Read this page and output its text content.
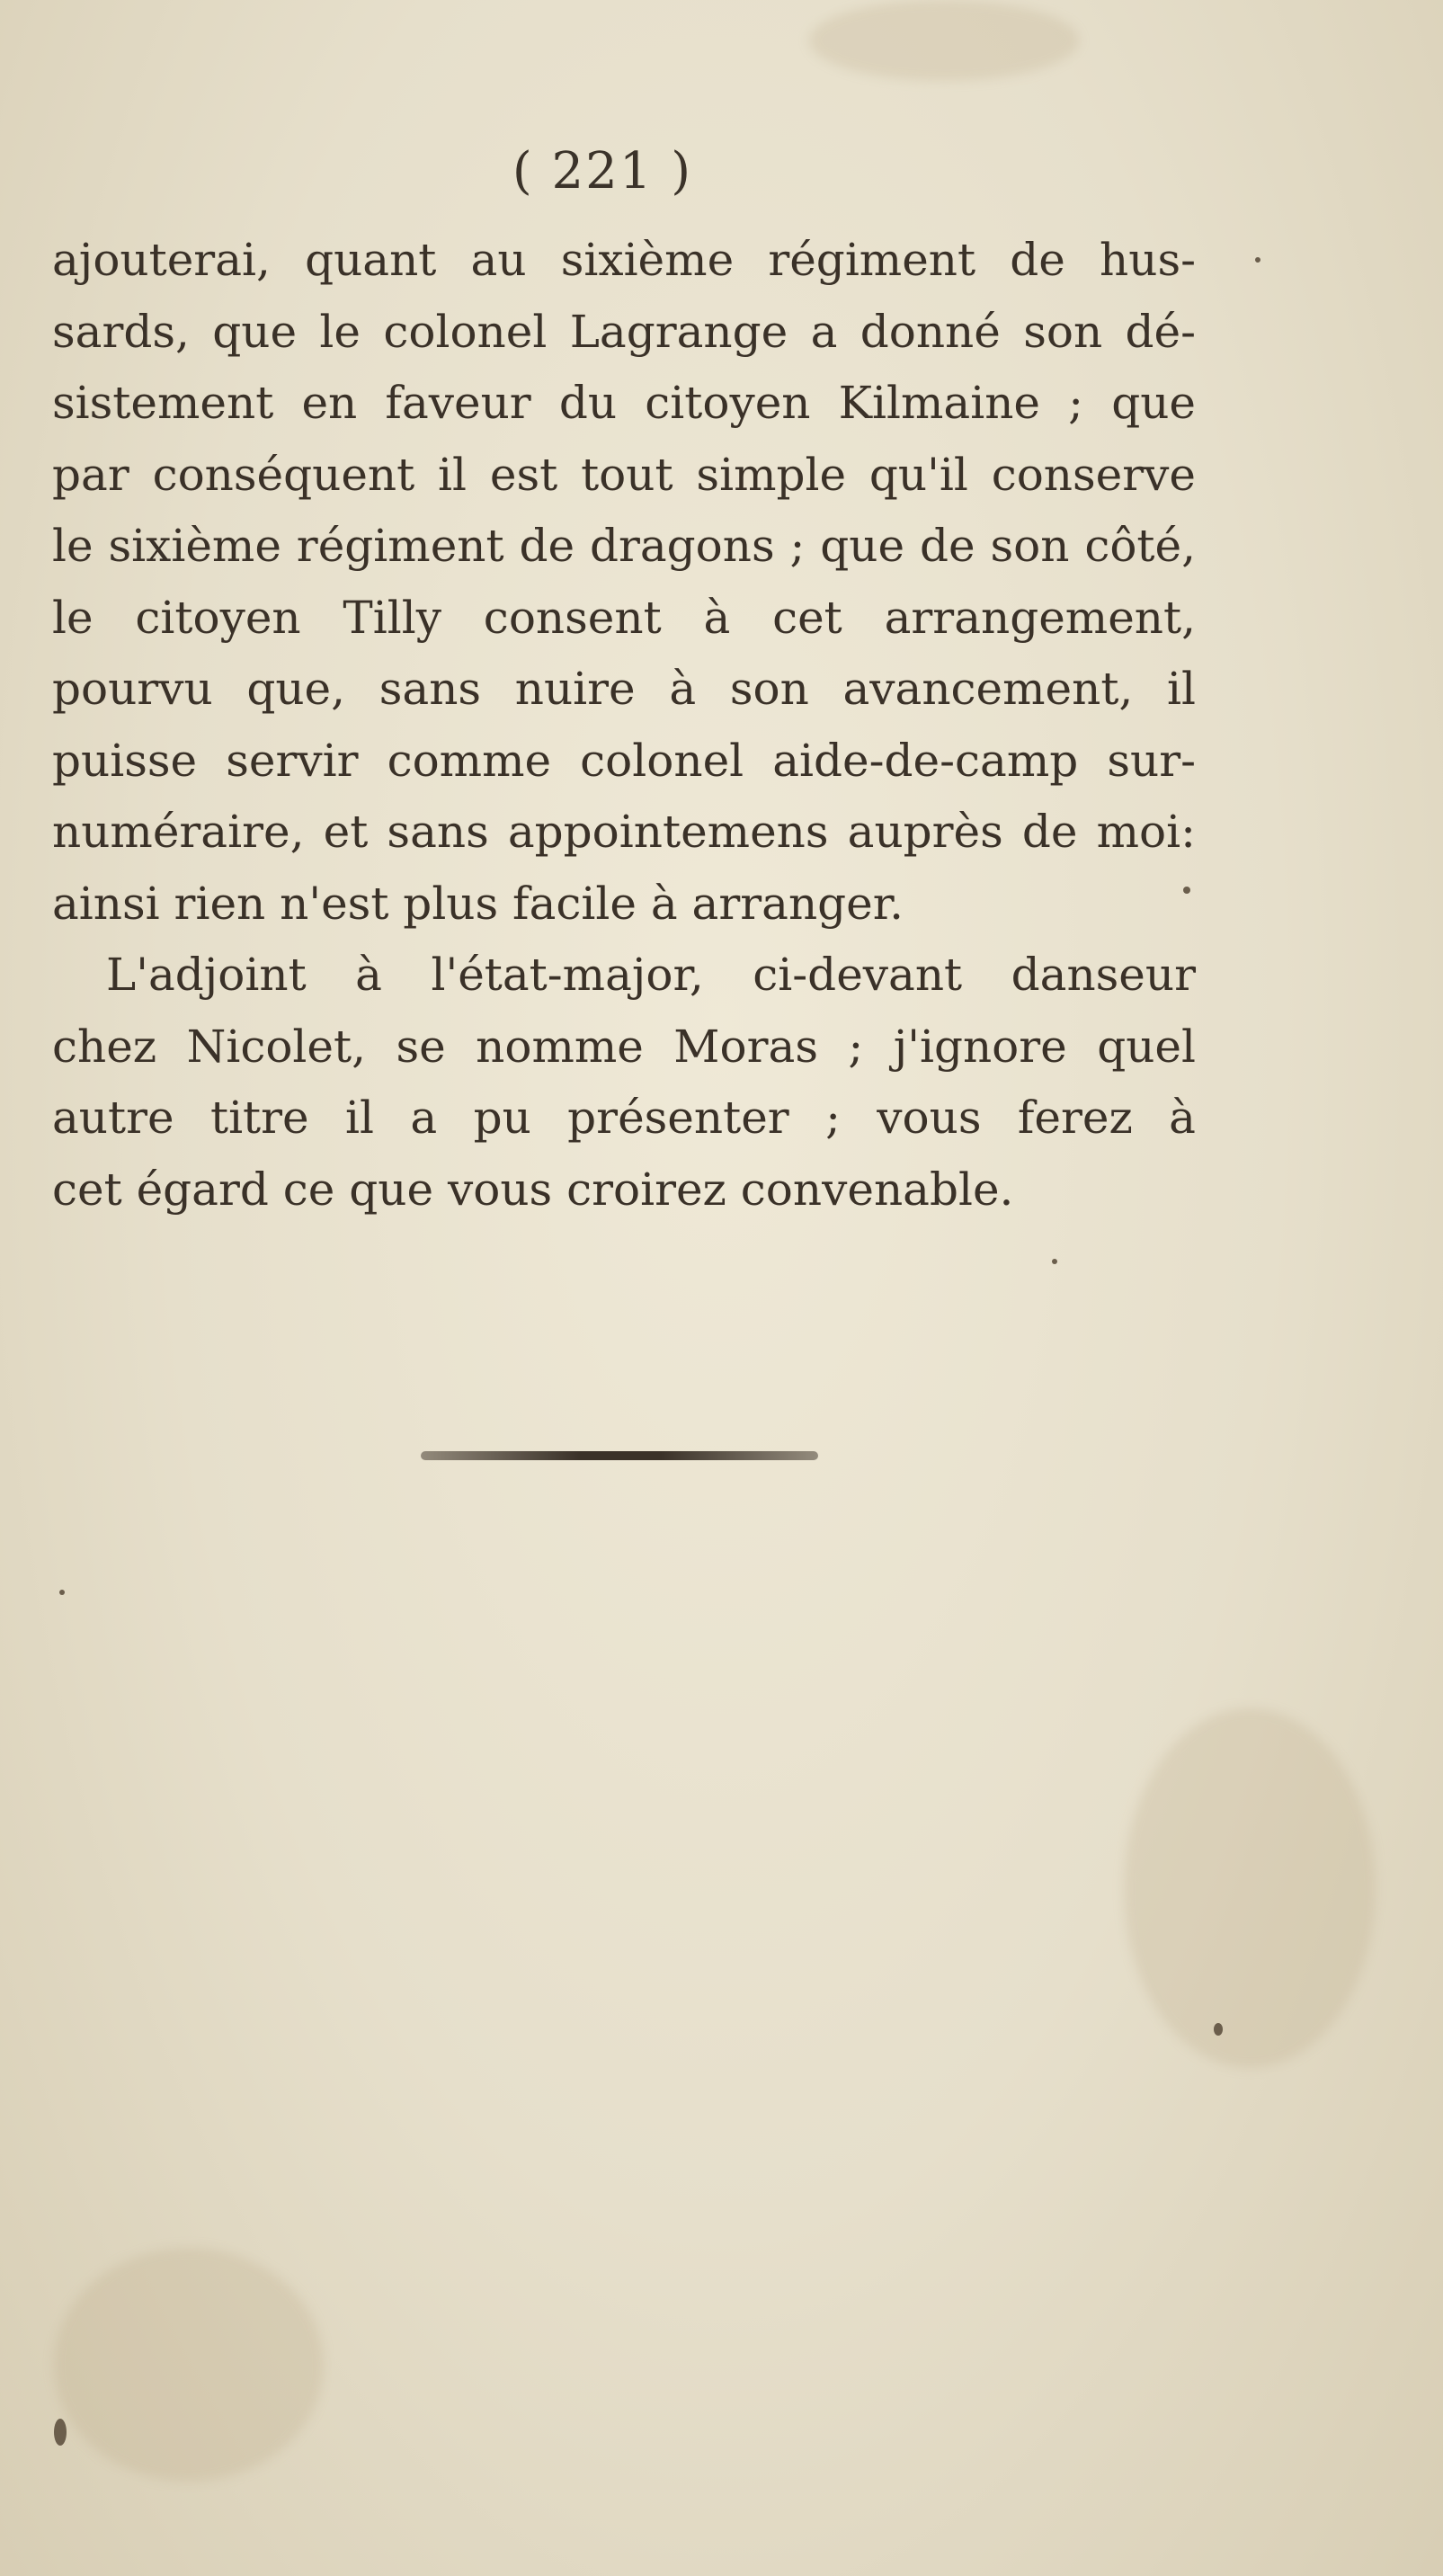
( 221 )
ajouterai, quant au sixième régiment de hus-
sards, que le colonel Lagrange a donné son dé-
sistement en faveur du citoyen Kilmaine ; que
par conséquent il est tout simple qu'il conserve
le sixième régiment de dragons ; que de son côté,
le citoyen Tilly consent à cet arrangement,
pourvu que, sans nuire à son avancement, il
puisse servir comme colonel aide-de-camp sur-
numéraire, et sans appointemens auprès de moi:
ainsi rien n'est plus facile à arranger.
L'adjoint à l'état-major, ci-devant danseur
chez Nicolet, se nomme Moras ; j'ignore quel
autre titre il a pu présenter ; vous ferez à
cet égard ce que vous croirez convenable.
